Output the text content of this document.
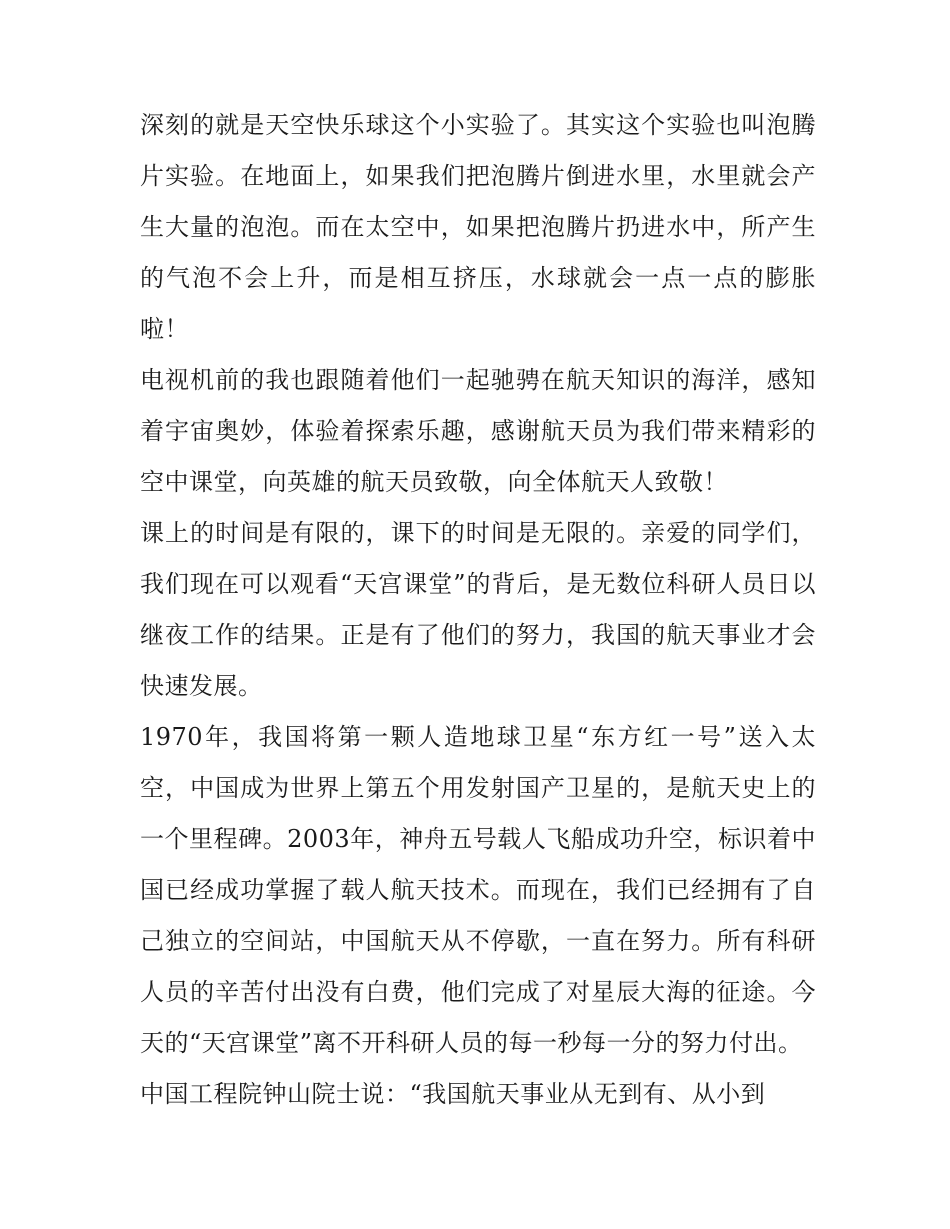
深刻的就是天空快乐球这个小实验了。其实这个实验也叫泡腾片实验。在地面上，如果我们把泡腾片倒进水里，水里就会产生大量的泡泡。而在太空中，如果把泡腾片扔进水中，所产生的气泡不会上升，而是相互挤压，水球就会一点一点的膨胀啦！

电视机前的我也跟随着他们一起驰骋在航天知识的海洋，感知着宇宙奥妙，体验着探索乐趣，感谢航天员为我们带来精彩的空中课堂，向英雄的航天员致敬，向全体航天人致敬！

课上的时间是有限的，课下的时间是无限的。亲爱的同学们，我们现在可以观看“天宫课堂”的背后，是无数位科研人员日以继夜工作的结果。正是有了他们的努力，我国的航天事业才会快速发展。

1970年，我国将第一颗人造地球卫星“东方红一号”送入太空，中国成为世界上第五个用发射国产卫星的，是航天史上的一个里程碑。2003年，神舟五号载人飞船成功升空，标识着中国已经成功掌握了载人航天技术。而现在，我们已经拥有了自己独立的空间站，中国航天从不停歇，一直在努力。所有科研人员的辛苦付出没有白费，他们完成了对星辰大海的征途。今天的“天宫课堂”离不开科研人员的每一秒每一分的努力付出。

中国工程院钟山院士说：“我国航天事业从无到有、从小到
